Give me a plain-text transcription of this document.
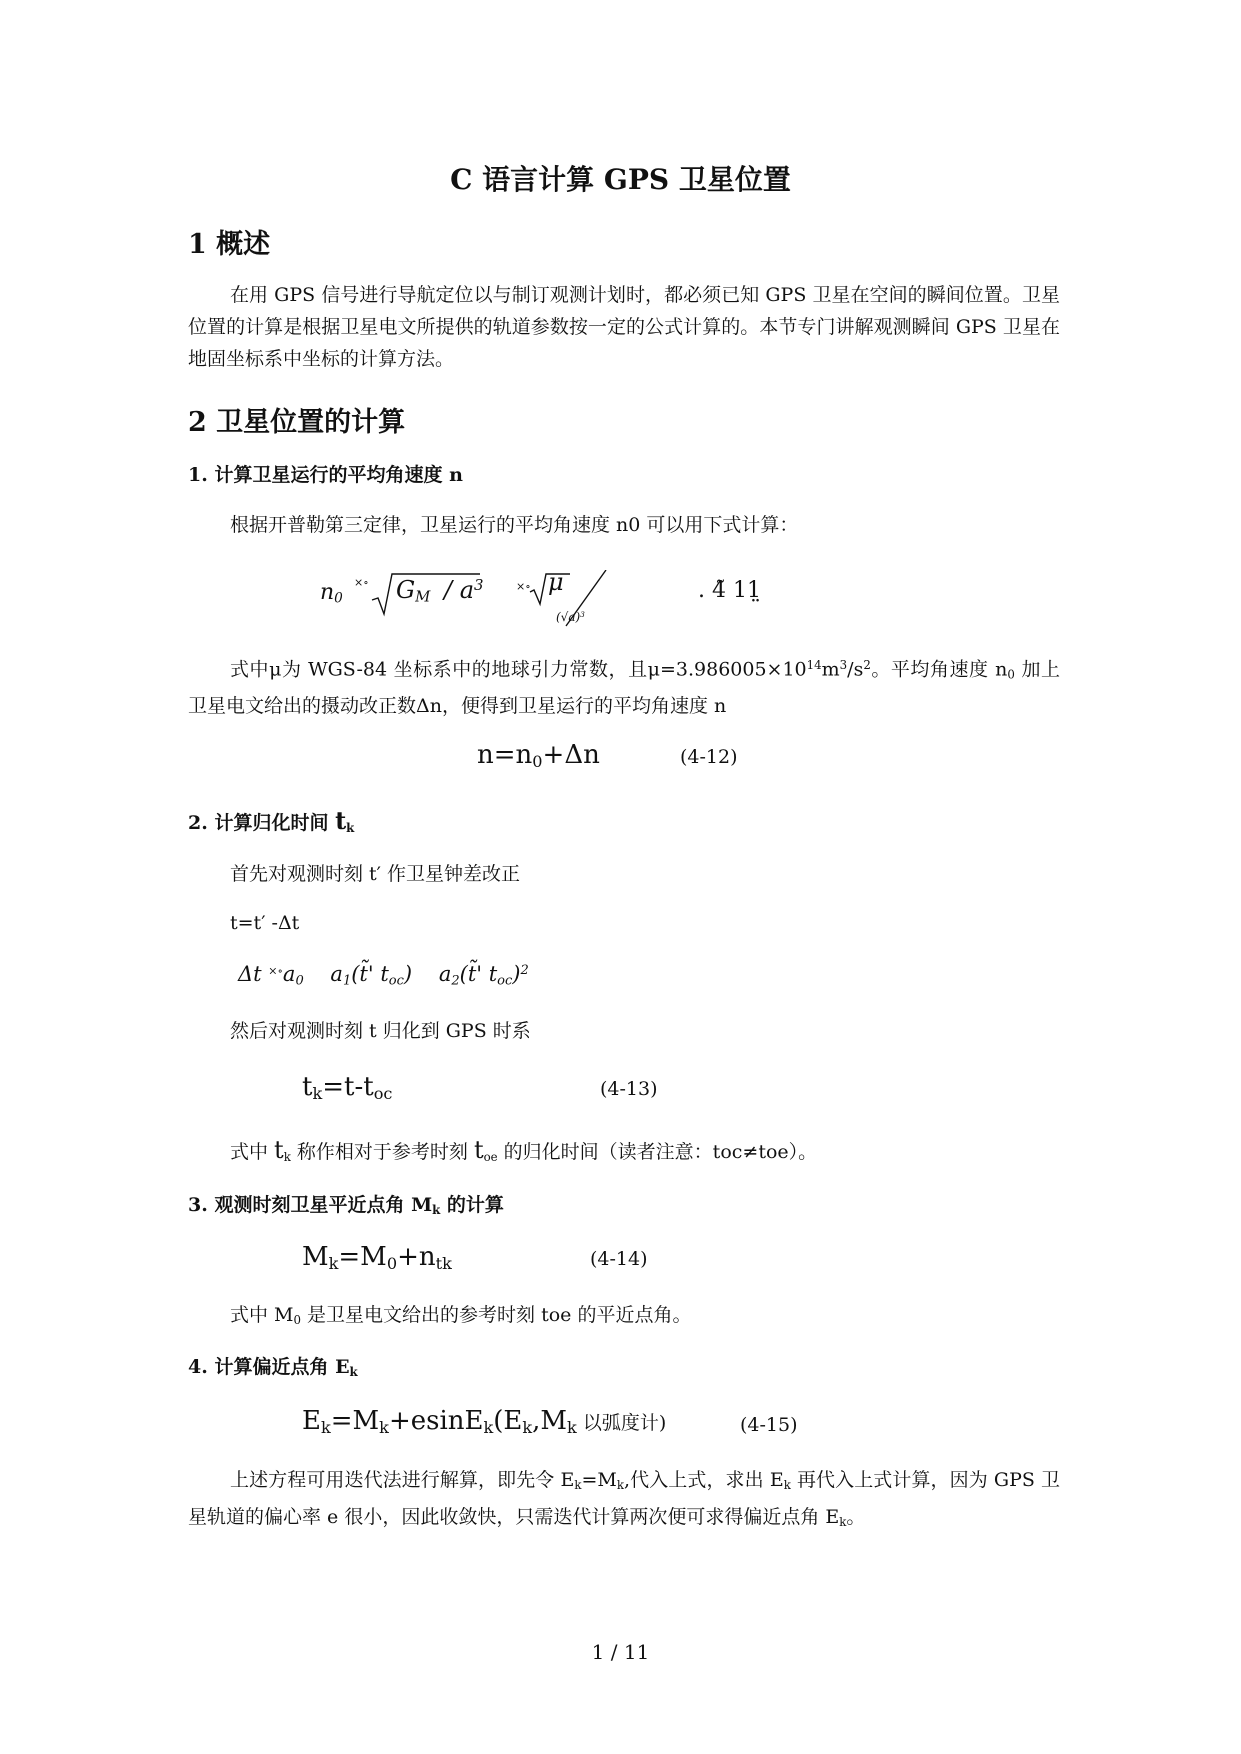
C 语言计算 GPS 卫星位置
1 概述
在用 GPS 信号进行导航定位以与制订观测计划时，都必须已知 GPS 卫星在空间的瞬间位置。卫星位置的计算是根据卫星电文所提供的轨道参数按一定的公式计算的。本节专门讲解观测瞬间 GPS 卫星在地固坐标系中坐标的计算方法。
2 卫星位置的计算
1. 计算卫星运行的平均角速度 n
根据开普勒第三定律，卫星运行的平均角速度 n0 可以用下式计算：
$n_0$
×∘ $G_M / a^3$	×∘ μ
$(√a)^3$
. 4̃ 11̤
式中μ为 WGS-84 坐标系中的地球引力常数，且$\mu=3.986005\times 10^{14}m^3/s^2$。平均角速度 $n_0$ 加上卫星电文给出的摄动改正数Δn，便得到卫星运行的平均角速度 n
$n=n_0+\Delta n$	(4-12)
2. 计算归化时间 $t_k$
首先对观测时刻 t′ 作卫星钟差改正
t=t′ -Δt
Δt $^{\times\circ}a_0$ $a_1(t̃'$ $t_{oc}$) $a_2(t̃'$ $t_{oc})^2$
然后对观测时刻 t 归化到 GPS 时系
$t_k=t-t_{oc}$	(4-13)
式中 $t_k$ 称作相对于参考时刻 $t_{oe}$ 的归化时间（读者注意：toc≠toe）。
3. 观测时刻卫星平近点角 $M_k$ 的计算
$M_k=M_0+n_{tk}$	(4-14)
式中 $M_0$ 是卫星电文给出的参考时刻 toe 的平近点角。
4. 计算偏近点角 $E_k$
$E_k=M_k+esinE_k(E_k,M_k$ 以弧度计)	(4-15)
上述方程可用迭代法进行解算，即先令 $E_k=M_k$,代入上式，求出 $E_k$ 再代入上式计算，因为 GPS 卫星轨道的偏心率 e 很小，因此收敛快，只需迭代计算两次便可求得偏近点角 $E_k$。
1 / 11
